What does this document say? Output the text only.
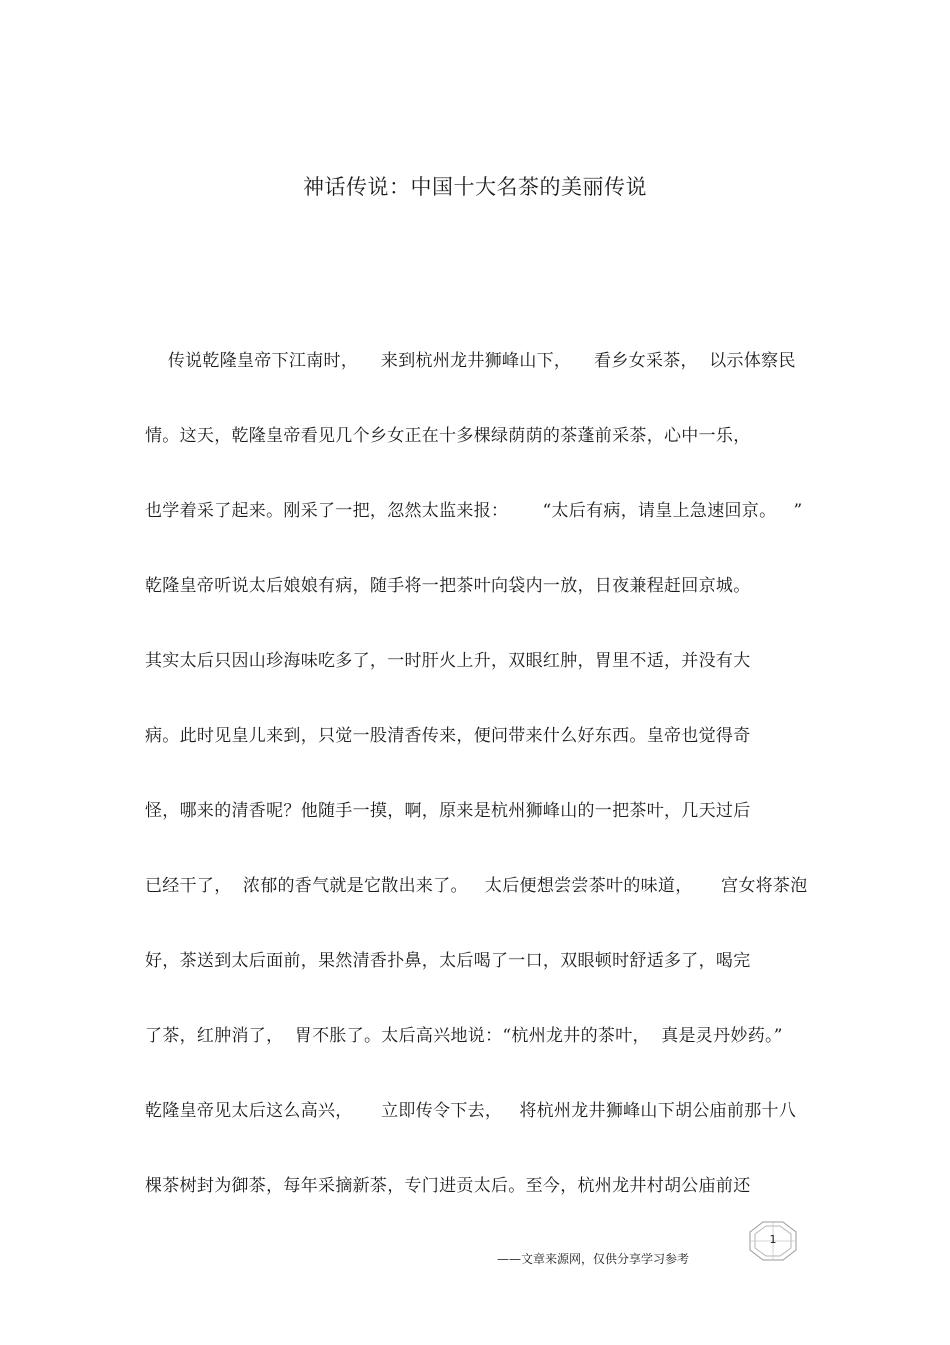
神话传说：中国十大名茶的美丽传说
传说乾隆皇帝下江南时，    来到杭州龙井狮峰山下，    看乡女采茶，  以示体察民
情。这天，乾隆皇帝看见几个乡女正在十多棵绿荫荫的茶蓬前采茶，心中一乐，
也学着采了起来。刚采了一把，忽然太监来报：      “太后有病，请皇上急速回京。   ”
乾隆皇帝听说太后娘娘有病，随手将一把茶叶向袋内一放，日夜兼程赶回京城。
其实太后只因山珍海味吃多了，一时肝火上升，双眼红肿，胃里不适，并没有大
病。此时见皇儿来到，只觉一股清香传来，便问带来什么好东西。皇帝也觉得奇
怪，哪来的清香呢？他随手一摸，啊，原来是杭州狮峰山的一把茶叶，几天过后
已经干了，  浓郁的香气就是它散出来了。   太后便想尝尝茶叶的味道，     宫女将茶泡
好，茶送到太后面前，果然清香扑鼻，太后喝了一口，双眼顿时舒适多了，喝完
了茶，红肿消了，  胃不胀了。太后高兴地说：“杭州龙井的茶叶，  真是灵丹妙药。”
乾隆皇帝见太后这么高兴，     立即传令下去，   将杭州龙井狮峰山下胡公庙前那十八
棵茶树封为御茶，每年采摘新茶，专门进贡太后。至今，杭州龙井村胡公庙前还
——文章来源网，仅供分享学习参考
1
